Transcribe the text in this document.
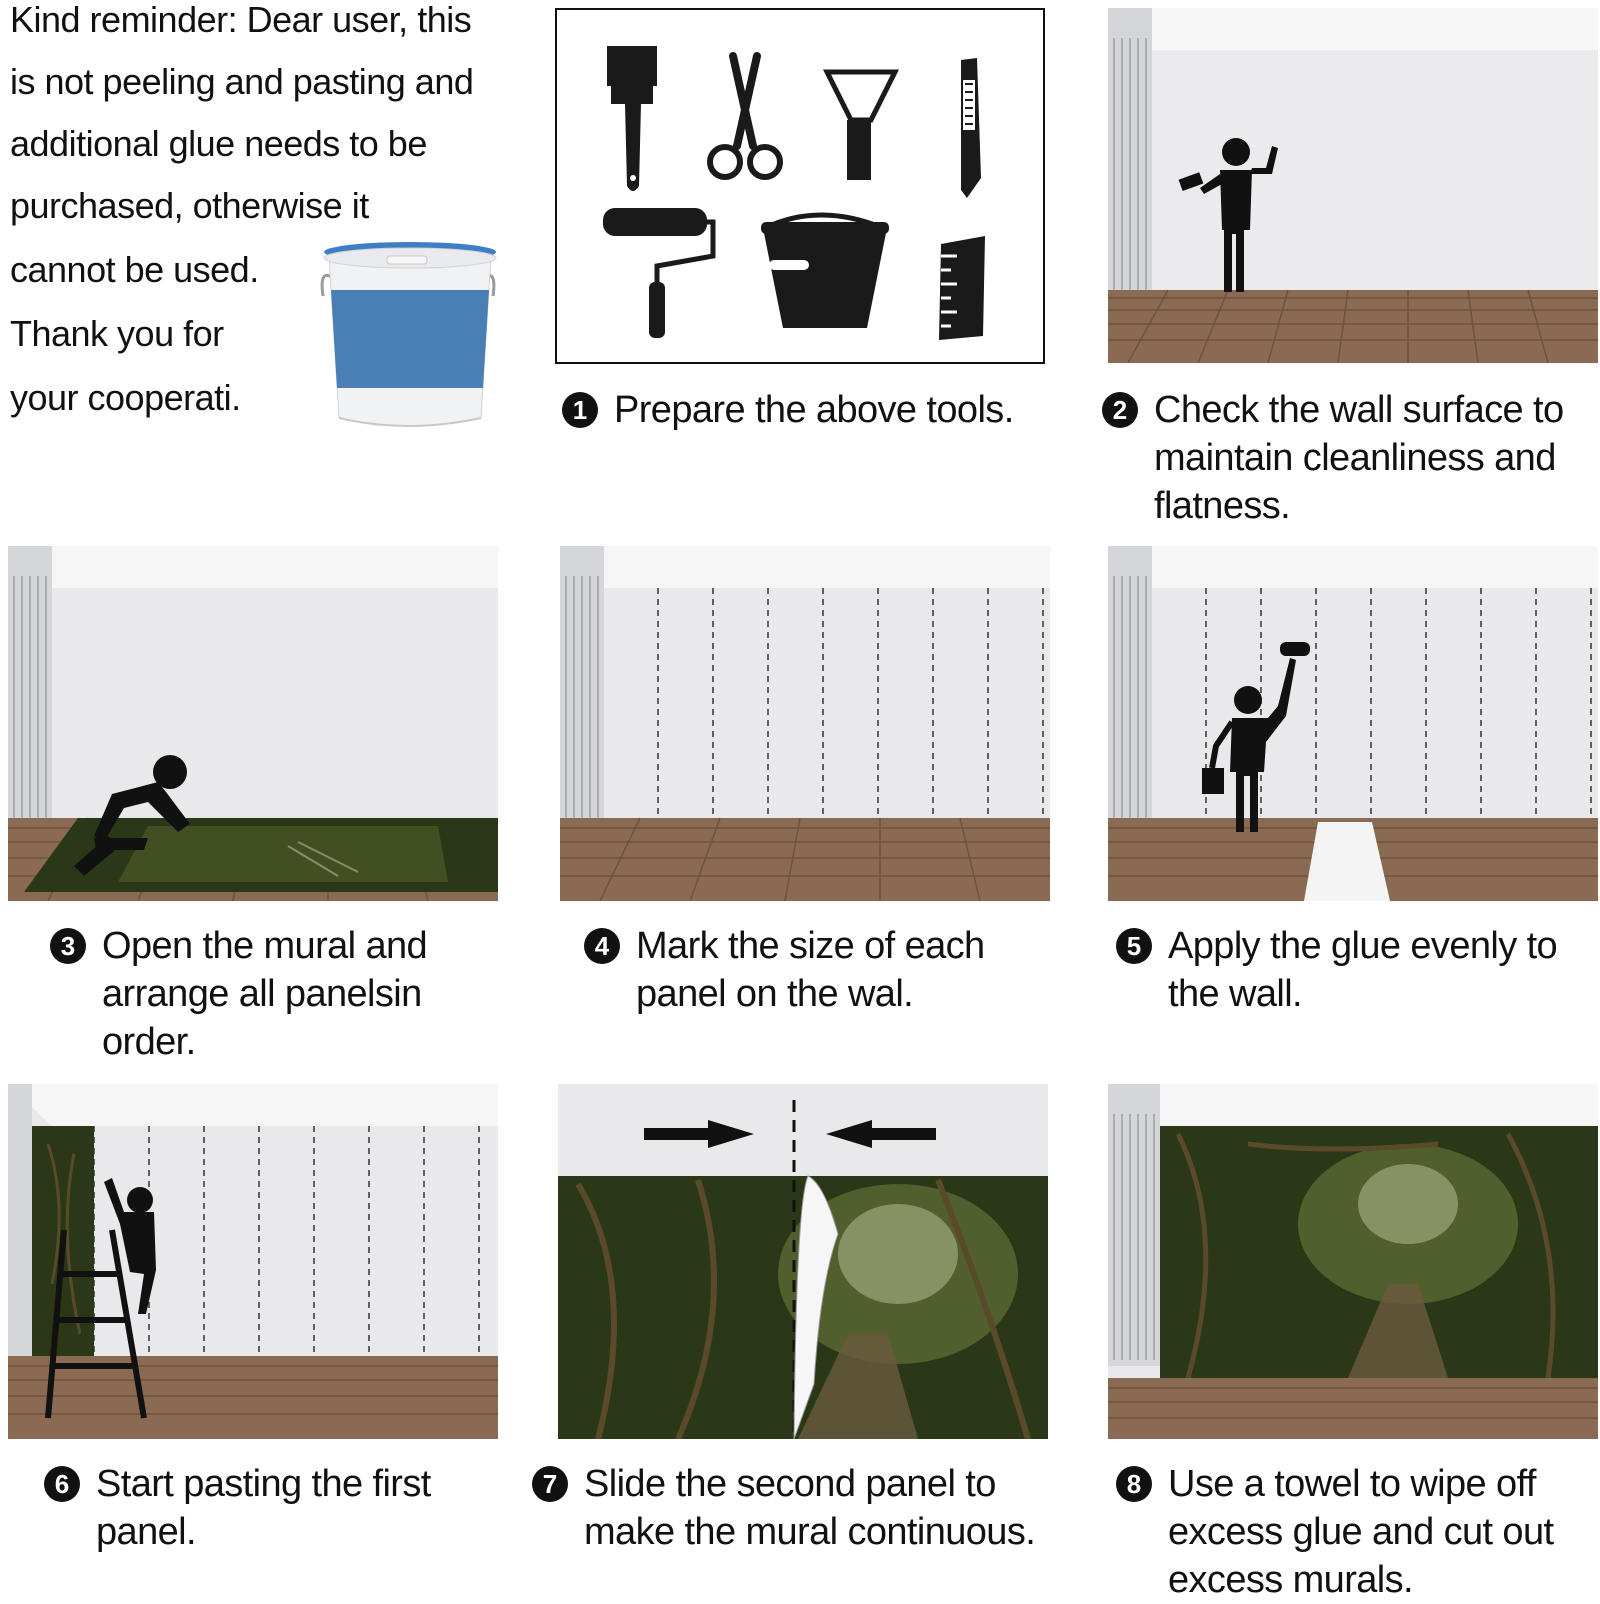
Kind reminder: Dear user, this
is not peeling and pasting and
additional glue needs to be
purchased, otherwise it
cannot be used.
Thank you for
your cooperati.	1 Prepare the above tools.	2 Check the wall surface to
maintain cleanliness and
flatness.
3 Open the mural and
arrange all panelsin
order.
4 Mark the size of each
panel on the wal.
5 Apply the glue evenly to
the wall.
6 Start pasting the first
panel.
7 Slide the second panel to
make the mural continuous.
8 Use a towel to wipe off
excess glue and cut out
excess murals.
